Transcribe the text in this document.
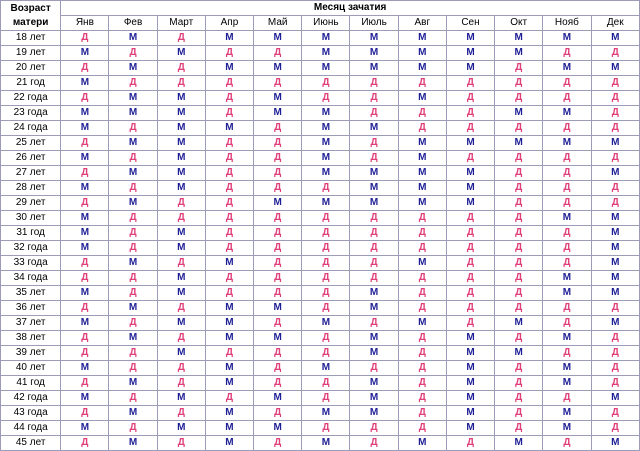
Возраст
матери	Месяц зачатия											
	Янв	Фев	Март	Апр	Май	Июнь	Июль	Авг	Сен	Окт	Нояб	Дек
18 лет	Д	М	Д	М	М	М	М	М	М	М	М	М
19 лет	М	Д	М	Д	Д	М	М	М	М	М	Д	Д
20 лет	Д	М	Д	М	М	М	М	М	М	Д	М	М
21 год	М	Д	Д	Д	Д	Д	Д	Д	Д	Д	Д	Д
22 года	Д	М	М	Д	М	Д	Д	М	Д	Д	Д	Д
23 года	М	М	М	Д	М	М	Д	Д	Д	М	М	Д
24 года	М	Д	М	М	Д	М	М	Д	Д	Д	Д	Д
25 лет	Д	М	М	Д	Д	М	Д	М	М	М	М	М
26 лет	М	Д	М	Д	Д	М	Д	М	Д	Д	Д	Д
27 лет	Д	М	М	Д	Д	М	М	М	М	Д	Д	М
28 лет	М	Д	М	Д	Д	Д	М	М	М	Д	Д	Д
29 лет	Д	М	Д	Д	М	М	М	М	М	Д	Д	Д
30 лет	М	Д	Д	Д	Д	Д	Д	Д	Д	Д	М	М
31 год	М	Д	М	Д	Д	Д	Д	Д	Д	Д	Д	М
32 года	М	Д	М	Д	Д	Д	Д	Д	Д	Д	Д	М
33 года	Д	М	Д	М	Д	Д	Д	М	Д	Д	Д	М
34 года	Д	Д	М	Д	Д	Д	Д	Д	Д	Д	М	М
35 лет	М	Д	М	Д	Д	Д	М	Д	Д	Д	М	М
36 лет	Д	М	Д	М	М	Д	М	Д	Д	Д	Д	Д
37 лет	М	Д	М	М	Д	М	Д	М	Д	М	Д	М
38 лет	Д	М	Д	М	М	Д	М	Д	М	Д	М	Д
39 лет	Д	Д	М	Д	Д	Д	М	Д	М	М	Д	Д
40 лет	М	Д	Д	М	Д	М	Д	Д	М	Д	М	Д
41 год	Д	М	Д	М	Д	Д	М	Д	М	Д	М	Д
42 года	М	Д	М	Д	М	Д	М	Д	М	Д	Д	М
43 года	Д	М	Д	М	Д	М	М	Д	М	Д	М	Д
44 года	М	Д	М	М	М	Д	Д	Д	М	Д	М	Д
45 лет	Д	М	Д	М	Д	М	Д	М	Д	М	Д	М
